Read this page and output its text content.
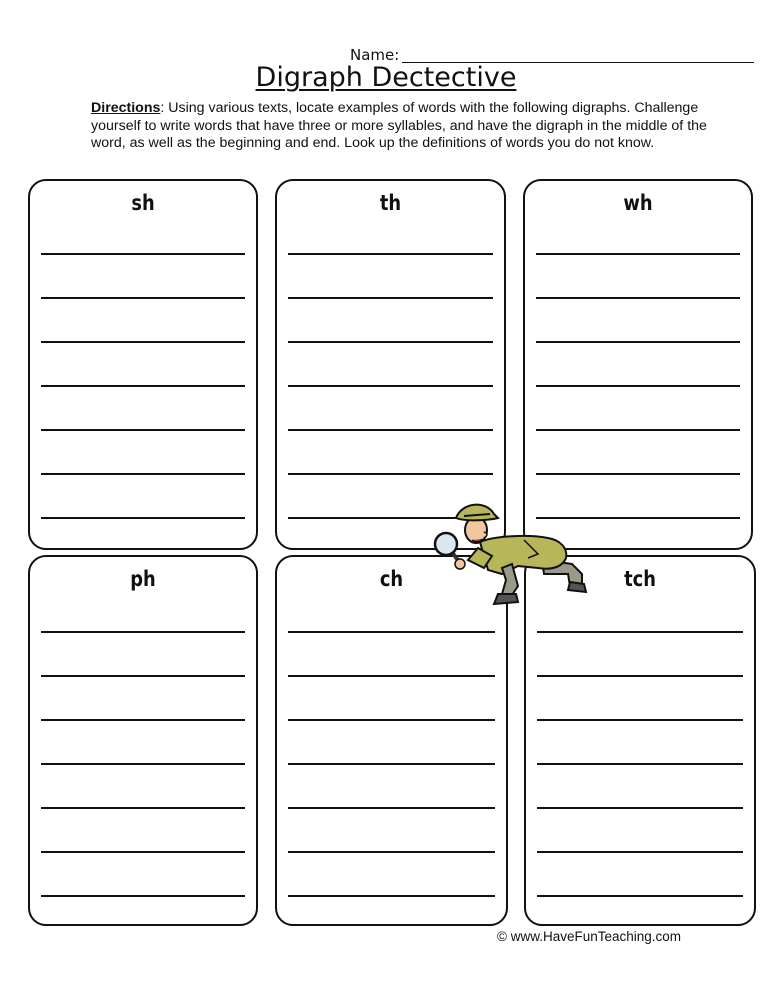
Name:
Digraph Dectective
Directions: Using various texts, locate examples of words with the following digraphs. Challenge yourself to write words that have three or more syllables, and have the digraph in the middle of the word, as well as the beginning and end. Look up the definitions of words you do not know.
sh	th	wh
ph	ch	tch
© www.HaveFunTeaching.com
